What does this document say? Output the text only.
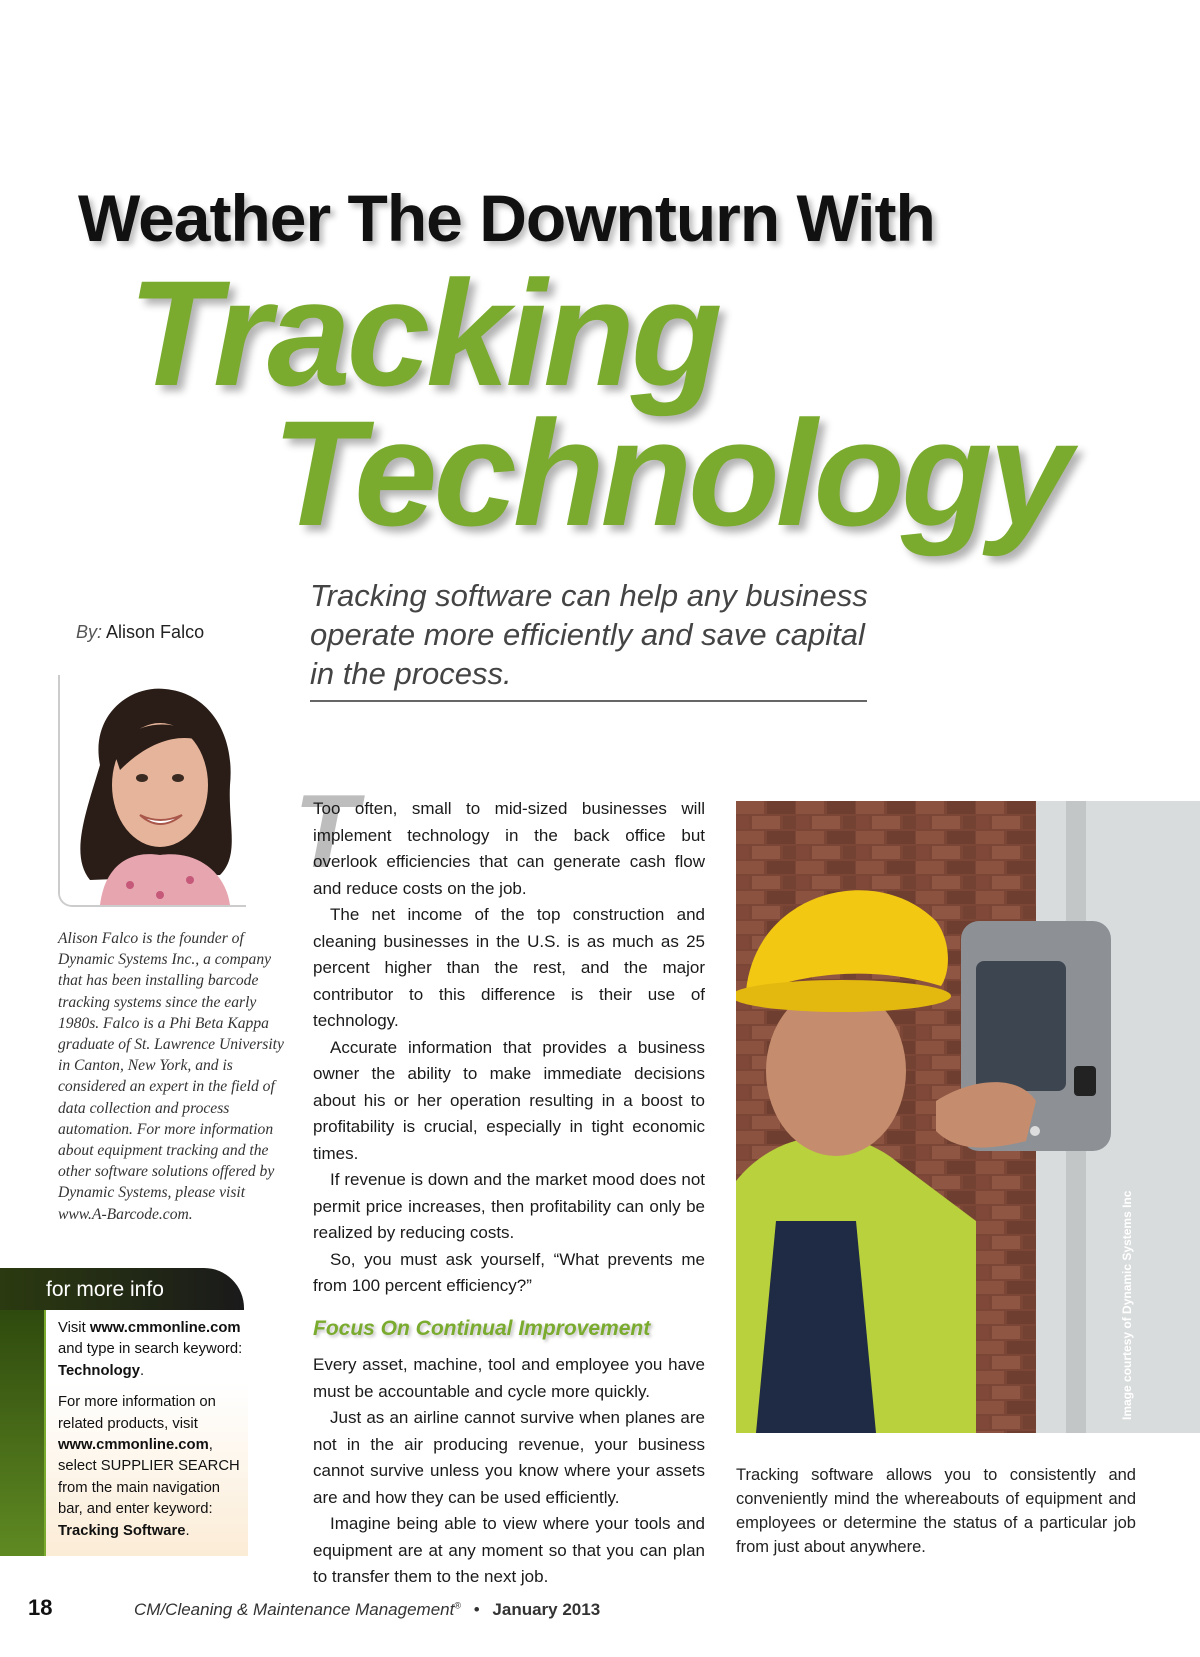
Weather The Downturn With
Tracking
Technology
Tracking software can help any business operate more efficiently and save capital in the process.
By: Alison Falco
Alison Falco is the founder of Dynamic Systems Inc., a company that has been installing barcode tracking systems since the early 1980s. Falco is a Phi Beta Kappa graduate of St. Lawrence University in Canton, New York, and is considered an expert in the field of data collection and process automation. For more information about equipment tracking and the other software solutions offered by Dynamic Systems, please visit www.A-Barcode.com.
for more info

Visit www.cmmonline.com and type in search keyword: Technology.

For more information on related products, visit www.cmmonline.com, select SUPPLIER SEARCH from the main navigation bar, and enter keyword: Tracking Software.

T

Too often, small to mid-sized businesses will implement technology in the back office but overlook efficiencies that can generate cash flow and reduce costs on the job.

The net income of the top construction and cleaning businesses in the U.S. is as much as 25 percent higher than the rest, and the major contributor to this difference is their use of technology.

Accurate information that provides a business owner the ability to make immediate decisions about his or her operation resulting in a boost to profitability is crucial, especially in tight economic times.

If revenue is down and the market mood does not permit price increases, then profitability can only be realized by reducing costs.

So, you must ask yourself, “What prevents me from 100 percent efficiency?”

Focus On Continual Improvement

Every asset, machine, tool and employee you have must be accountable and cycle more quickly.

Just as an airline cannot survive when planes are not in the air producing revenue, your business cannot survive unless you know where your assets are and how they can be used efficiently.

Imagine being able to view where your tools and equipment are at any moment so that you can plan to transfer them to the next job.

Image courtesy of Dynamic Systems Inc
Tracking software allows you to consistently and conveniently mind the whereabouts of equipment and employees or determine the status of a particular job from just about anywhere.
18	CM/Cleaning & Maintenance Management® • January 2013
